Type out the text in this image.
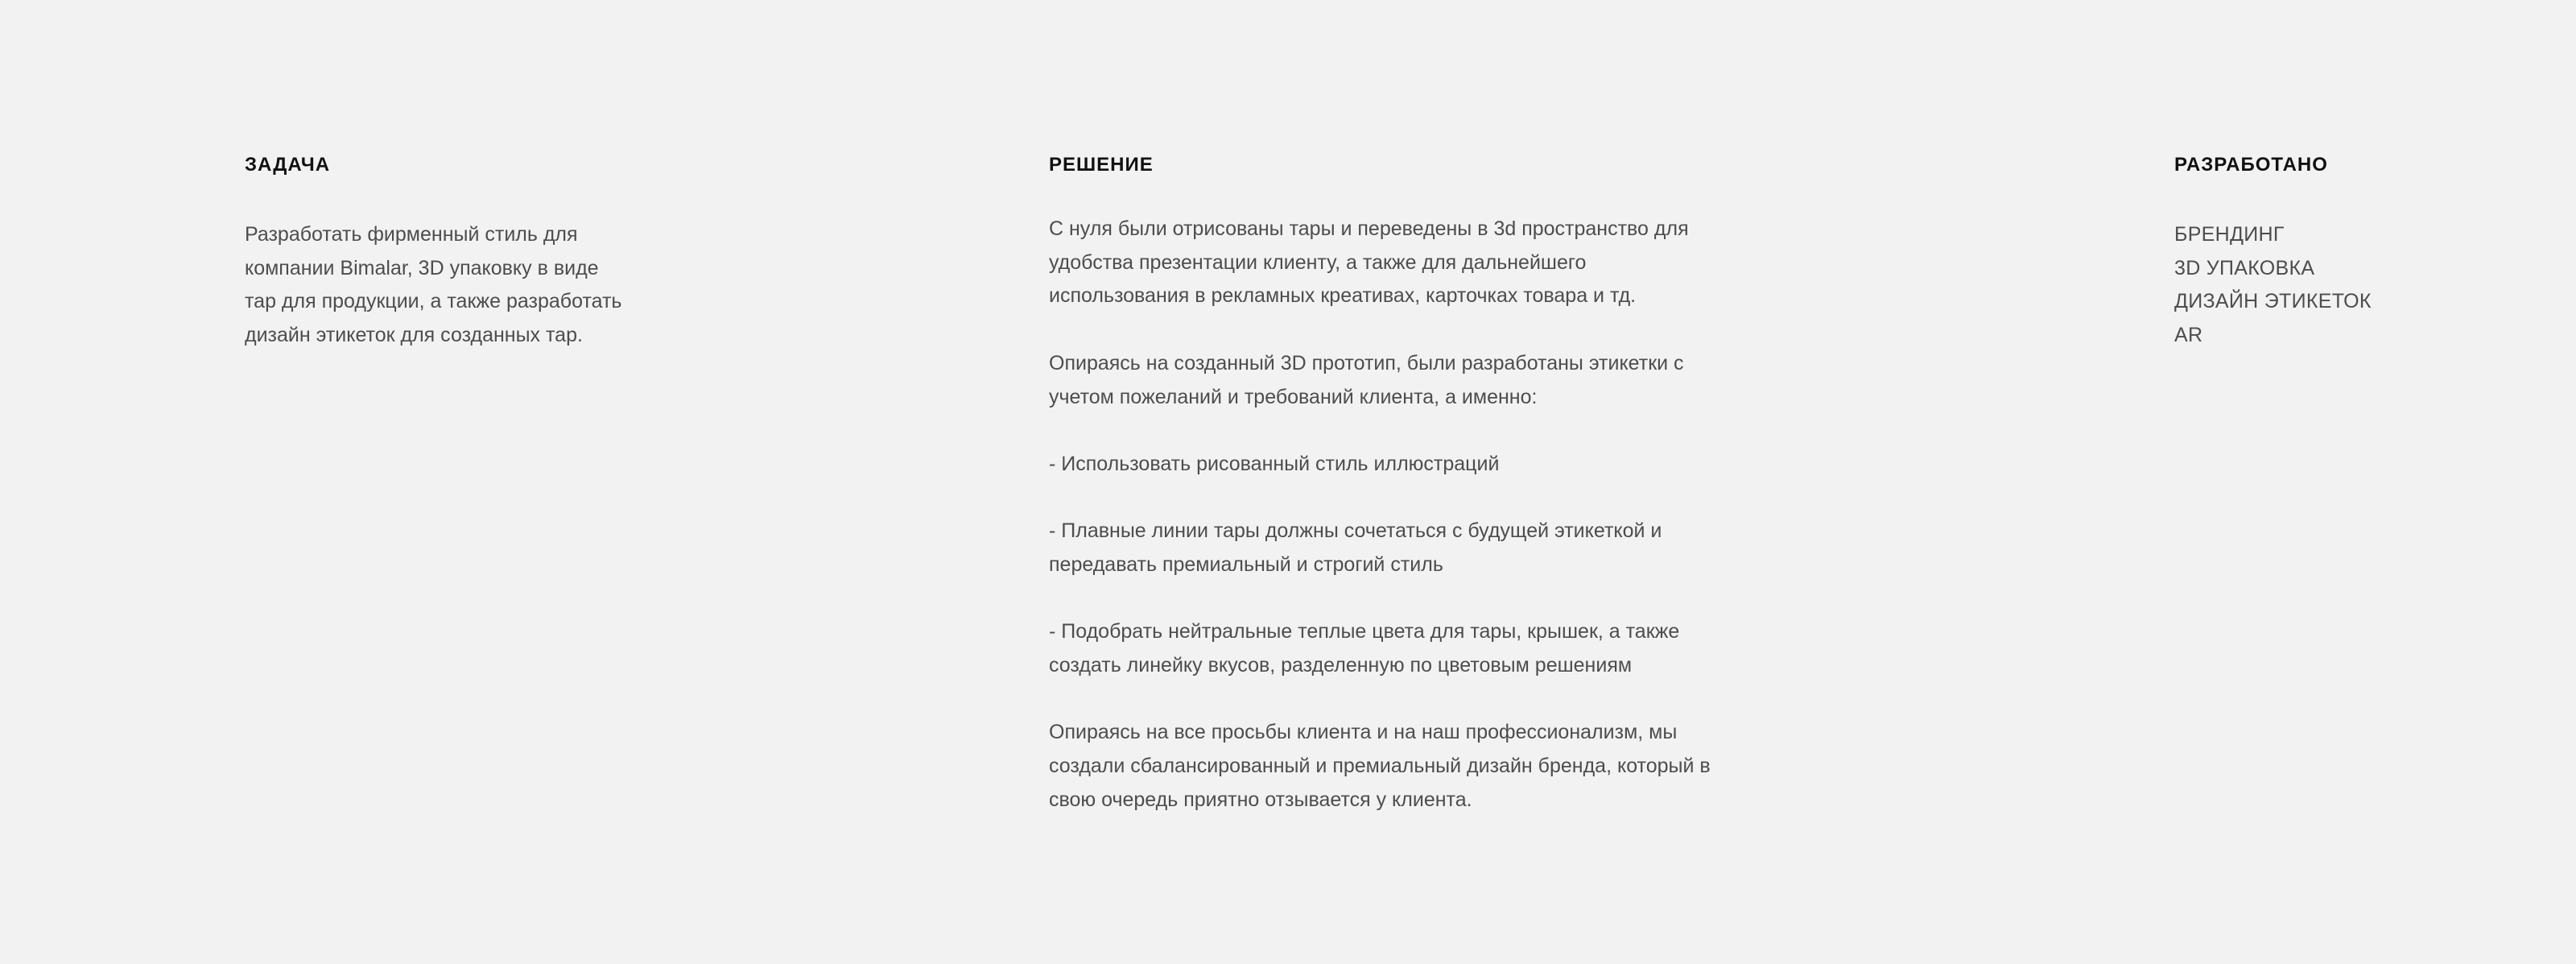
ЗАДАЧА

Разработать фирменный стиль для
компании Bimalar, 3D упаковку в виде
тар для продукции, а также разработать
дизайн этикеток для созданных тар.

РЕШЕНИЕ

С нуля были отрисованы тары и переведены в 3d пространство для
удобства презентации клиенту, а также для дальнейшего
использования в рекламных креативах, карточках товара и тд.

Опираясь на созданный 3D прототип, были разработаны этикетки с
учетом пожеланий и требований клиента, а именно:

- Использовать рисованный стиль иллюстраций

- Плавные линии тары должны сочетаться с будущей этикеткой и
передавать премиальный и строгий стиль

- Подобрать нейтральные теплые цвета для тары, крышек, а также
создать линейку вкусов, разделенную по цветовым решениям

Опираясь на все просьбы клиента и на наш профессионализм, мы
создали сбалансированный и премиальный дизайн бренда, который в
свою очередь приятно отзывается у клиента.

РАЗРАБОТАНО
БРЕНДИНГ
3D УПАКОВКА
ДИЗАЙН ЭТИКЕТОК
AR
